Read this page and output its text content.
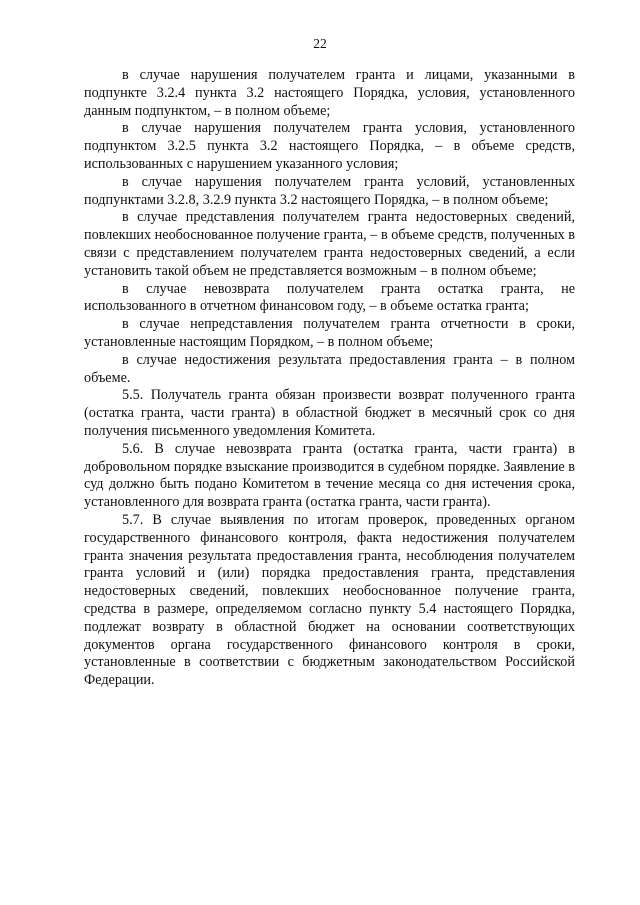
22

в случае нарушения получателем гранта и лицами, указанными в подпункте 3.2.4 пункта 3.2 настоящего Порядка, условия, установленного данным подпунктом, – в полном объеме;

в случае нарушения получателем гранта условия, установленного подпунктом 3.2.5 пункта 3.2 настоящего Порядка, – в объеме средств, использованных с нарушением указанного условия;

в случае нарушения получателем гранта условий, установленных подпунктами 3.2.8, 3.2.9 пункта 3.2 настоящего Порядка, – в полном объеме;

в случае представления получателем гранта недостоверных сведений, повлекших необоснованное получение гранта, – в объеме средств, полученных в связи с представлением получателем гранта недостоверных сведений, а если установить такой объем не представляется возможным – в полном объеме;

в случае невозврата получателем гранта остатка гранта, не использованного в отчетном финансовом году, – в объеме остатка гранта;

в случае непредставления получателем гранта отчетности в сроки, установленные настоящим Порядком, – в полном объеме;

в случае недостижения результата предоставления гранта – в полном объеме.

5.5. Получатель гранта обязан произвести возврат полученного гранта (остатка гранта, части гранта) в областной бюджет в месячный срок со дня получения письменного уведомления Комитета.

5.6. В случае невозврата гранта (остатка гранта, части гранта) в добровольном порядке взыскание производится в судебном порядке. Заявление в суд должно быть подано Комитетом в течение месяца со дня истечения срока, установленного для возврата гранта (остатка гранта, части гранта).

5.7. В случае выявления по итогам проверок, проведенных органом государственного финансового контроля, факта недостижения получателем гранта значения результата предоставления гранта, несоблюдения получателем гранта условий и (или) порядка предоставления гранта, представления недостоверных сведений, повлекших необоснованное получение гранта, средства в размере, определяемом согласно пункту 5.4 настоящего Порядка, подлежат возврату в областной бюджет на основании соответствующих документов органа государственного финансового контроля в сроки, установленные в соответствии с бюджетным законодательством Российской Федерации.
